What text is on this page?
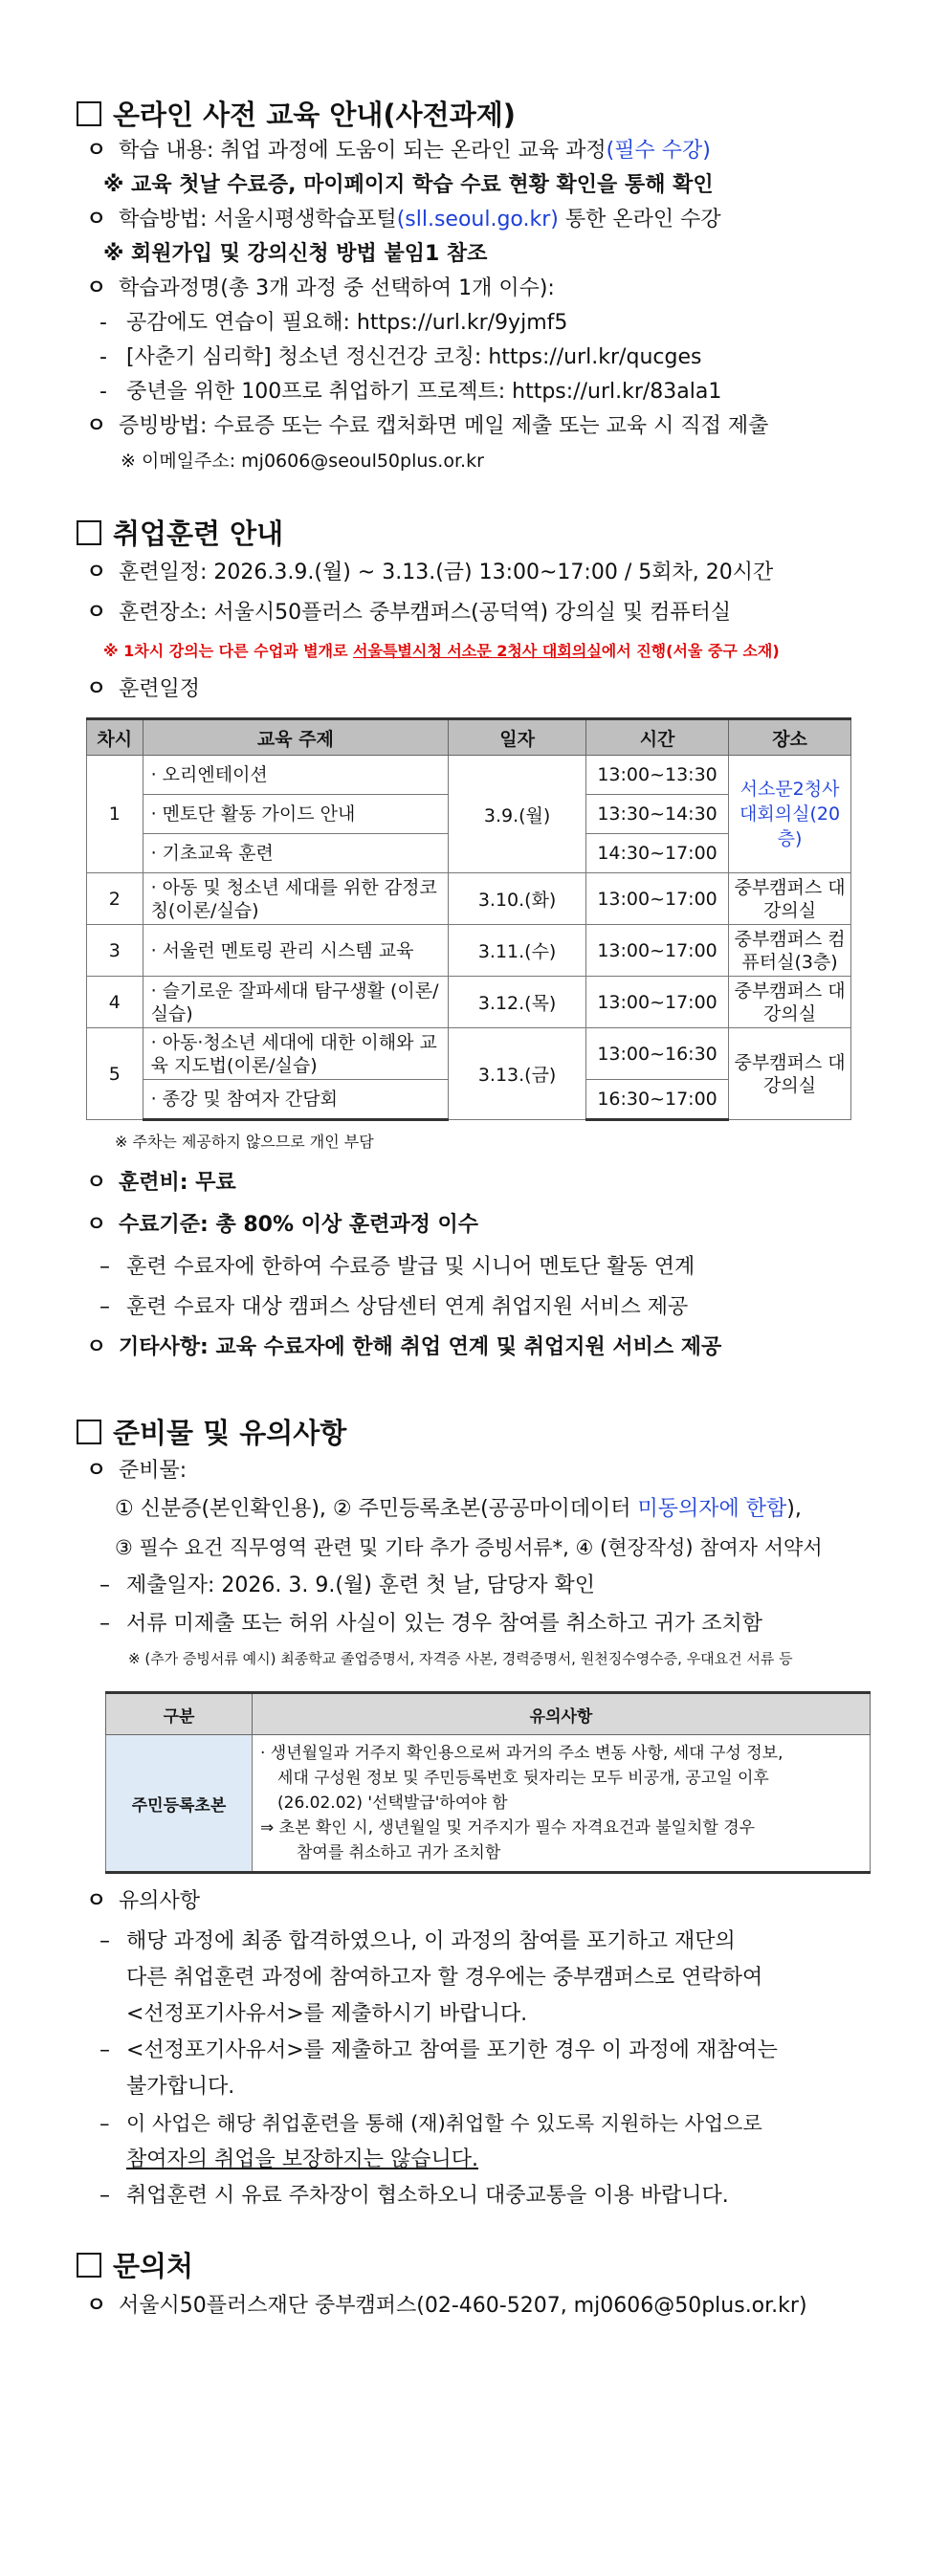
온라인 사전 교육 안내(사전과제)
ㅇ 학습 내용: 취업 과정에 도움이 되는 온라인 교육 과정(필수 수강)
※ 교육 첫날 수료증, 마이페이지 학습 수료 현황 확인을 통해 확인
ㅇ 학습방법: 서울시평생학습포털(sll.seoul.go.kr) 통한 온라인 수강
※ 회원가입 및 강의신청 방법 붙임1 참조
ㅇ 학습과정명(총 3개 과정 중 선택하여 1개 이수):
- 공감에도 연습이 필요해: https://url.kr/9yjmf5
- [사춘기 심리학] 청소년 정신건강 코칭: https://url.kr/qucges
- 중년을 위한 100프로 취업하기 프로젝트: https://url.kr/83ala1
ㅇ 증빙방법: 수료증 또는 수료 캡처화면 메일 제출 또는 교육 시 직접 제출
※ 이메일주소: mj0606@seoul50plus.or.kr
취업훈련 안내
ㅇ 훈련일정: 2026.3.9.(월) ~ 3.13.(금) 13:00~17:00 / 5회차, 20시간
ㅇ 훈련장소: 서울시50플러스 중부캠퍼스(공덕역) 강의실 및 컴퓨터실
※ 1차시 강의는 다른 수업과 별개로 서울특별시청 서소문 2청사 대회의실에서 진행(서울 중구 소재)
ㅇ 훈련일정
차시	교육 주제	일자	시간	장소
1	· 오리엔테이션	3.9.(월)	13:00~13:30	서소문2청사 대회의실(20층)
	· 멘토단 활동 가이드 안내		13:30~14:30	
	· 기초교육 훈련		14:30~17:00	
2	· 아동 및 청소년 세대를 위한 감정코칭(이론/실습)	3.10.(화)	13:00~17:00	중부캠퍼스 대강의실
3	· 서울런 멘토링 관리 시스템 교육	3.11.(수)	13:00~17:00	중부캠퍼스 컴퓨터실(3층)
4	· 슬기로운 잘파세대 탐구생활 (이론/실습)	3.12.(목)	13:00~17:00	중부캠퍼스 대강의실
5	· 아동·청소년 세대에 대한 이해와 교육 지도법(이론/실습)	3.13.(금)	13:00~16:30	중부캠퍼스 대강의실
	· 종강 및 참여자 간담회		16:30~17:00	
※ 주차는 제공하지 않으므로 개인 부담
ㅇ 훈련비: 무료
ㅇ 수료기준: 총 80% 이상 훈련과정 이수
– 훈련 수료자에 한하여 수료증 발급 및 시니어 멘토단 활동 연계
– 훈련 수료자 대상 캠퍼스 상담센터 연계 취업지원 서비스 제공
ㅇ 기타사항: 교육 수료자에 한해 취업 연계 및 취업지원 서비스 제공
준비물 및 유의사항
ㅇ 준비물:
① 신분증(본인확인용), ② 주민등록초본(공공마이데이터 미동의자에 한함),
③ 필수 요건 직무영역 관련 및 기타 추가 증빙서류*, ④ (현장작성) 참여자 서약서
– 제출일자: 2026. 3. 9.(월) 훈련 첫 날, 담당자 확인
– 서류 미제출 또는 허위 사실이 있는 경우 참여를 취소하고 귀가 조치함
※ (추가 증빙서류 예시) 최종학교 졸업증명서, 자격증 사본, 경력증명서, 원천징수영수증, 우대요건 서류 등
구분	유의사항
주민등록초본	· 생년월일과 거주지 확인용으로써 과거의 주소 변동 사항, 세대 구성 정보,
세대 구성원 정보 및 주민등록번호 뒷자리는 모두 비공개, 공고일 이후
(26.02.02) '선택발급'하여야 함
⇒ 초본 확인 시, 생년월일 및 거주지가 필수 자격요건과 불일치할 경우
참여를 취소하고 귀가 조치함
ㅇ 유의사항
– 해당 과정에 최종 합격하였으나, 이 과정의 참여를 포기하고 재단의
다른 취업훈련 과정에 참여하고자 할 경우에는 중부캠퍼스로 연락하여
<선정포기사유서>를 제출하시기 바랍니다.
– <선정포기사유서>를 제출하고 참여를 포기한 경우 이 과정에 재참여는
불가합니다.
– 이 사업은 해당 취업훈련을 통해 (재)취업할 수 있도록 지원하는 사업으로
참여자의 취업을 보장하지는 않습니다.
– 취업훈련 시 유료 주차장이 협소하오니 대중교통을 이용 바랍니다.
문의처
ㅇ 서울시50플러스재단 중부캠퍼스(02-460-5207, mj0606@50plus.or.kr)
